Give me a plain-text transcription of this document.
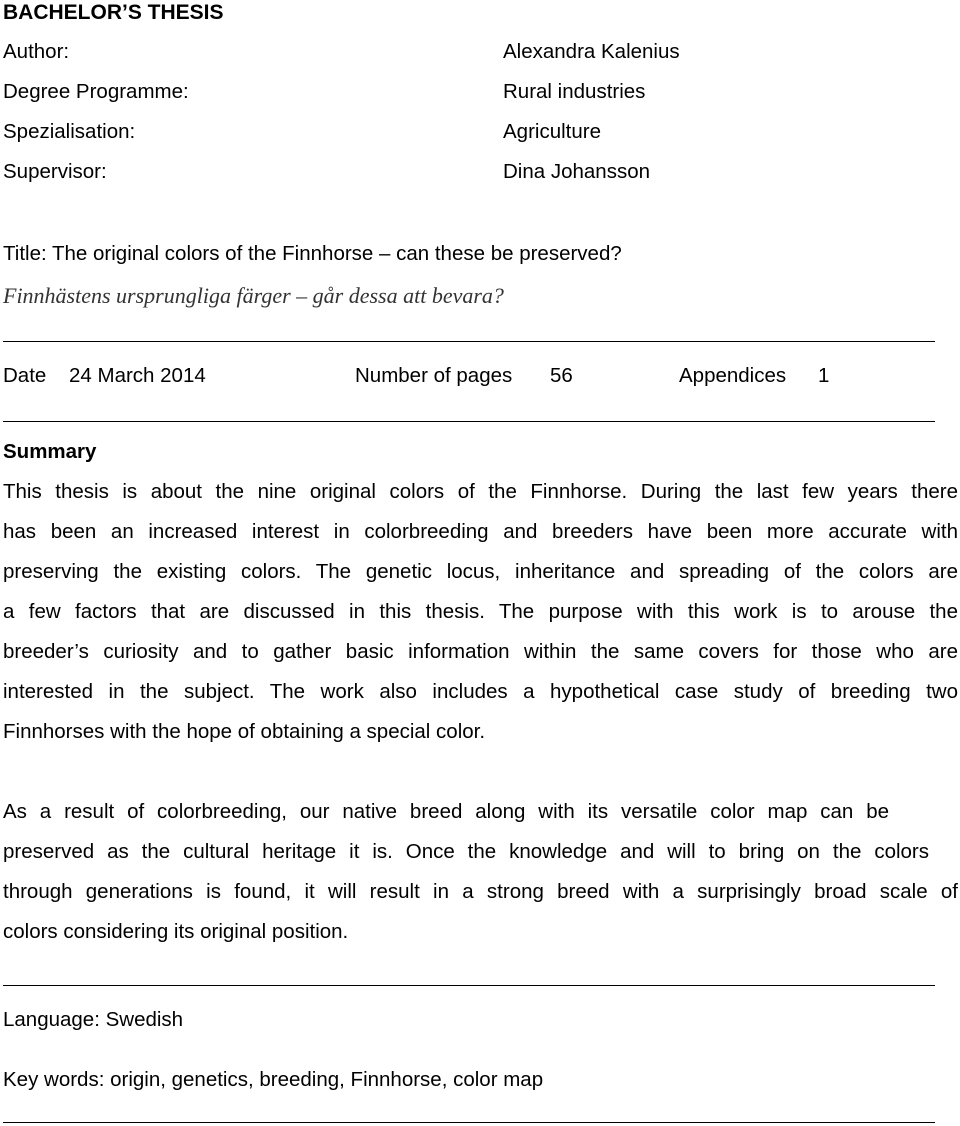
BACHELOR’S THESIS
Author:	Alexandra Kalenius
Degree Programme:	Rural industries
Spezialisation:	Agriculture
Supervisor:	Dina Johansson
Title: The original colors of the Finnhorse – can these be preserved?
Finnhästens ursprungliga färger – går dessa att bevara?
Date 24 March 2014	Number of pages 56	Appendices 1
Summary
This thesis is about the nine original colors of the Finnhorse. During the last few years there
has been an increased interest in colorbreeding and breeders have been more accurate with
preserving the existing colors. The genetic locus, inheritance and spreading of the colors are
a few factors that are discussed in this thesis. The purpose with this work is to arouse the
breeder’s curiosity and to gather basic information within the same covers for those who are
interested in the subject. The work also includes a hypothetical case study of breeding two
Finnhorses with the hope of obtaining a special color.
As a result of colorbreeding, our native breed along with its versatile color map can be
preserved as the cultural heritage it is. Once the knowledge and will to bring on the colors
through generations is found, it will result in a strong breed with a surprisingly broad scale of
colors considering its original position.
Language: Swedish
Key words: origin, genetics, breeding, Finnhorse, color map
